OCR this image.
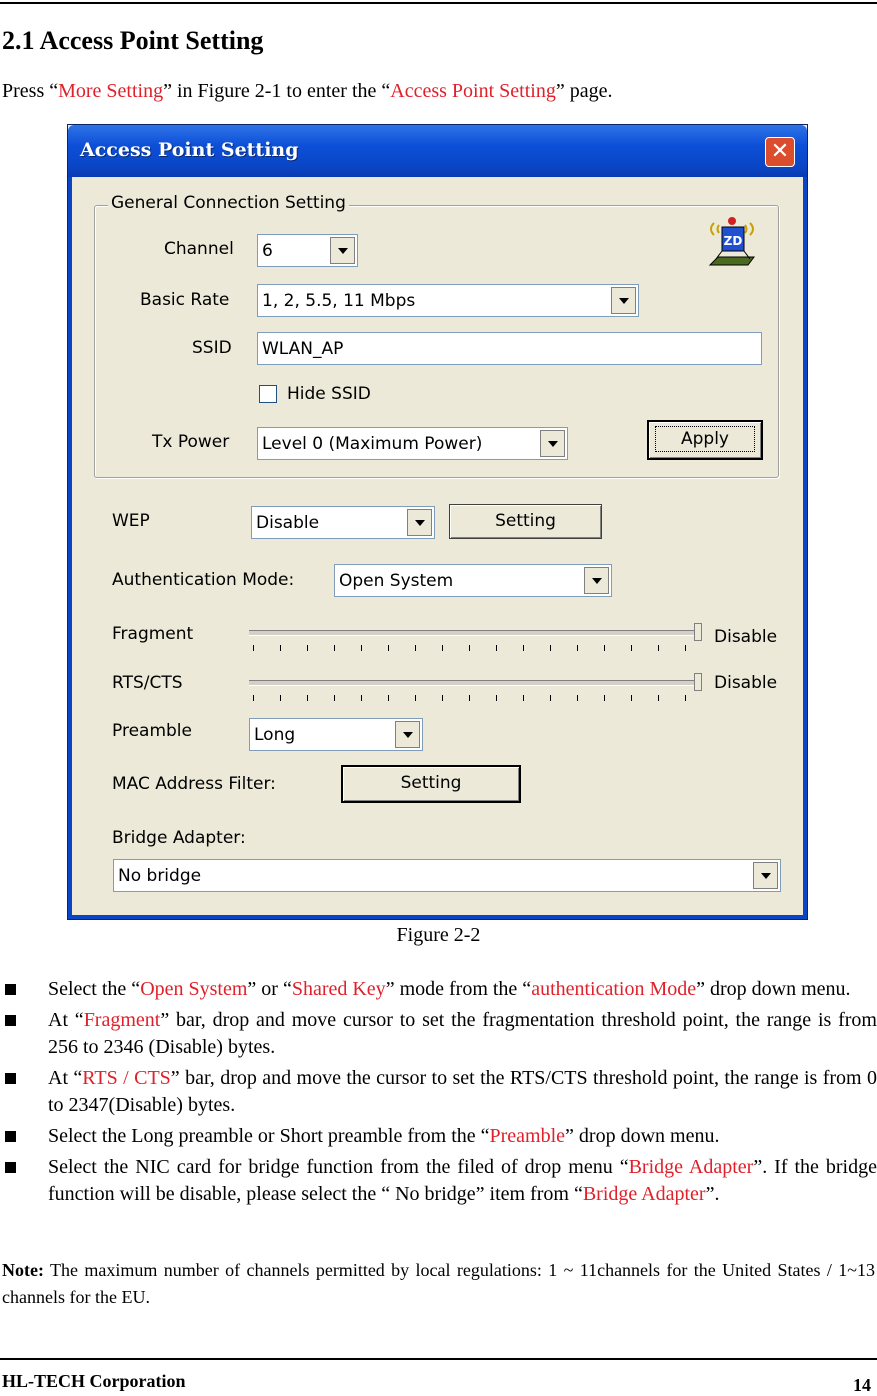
2.1 Access Point Setting
Press “More Setting” in Figure 2-1 to enter the “Access Point Setting” page.
Access Point Setting	✕
General Connection Setting
Channel 6	ZD
Basic Rate 1, 2, 5.5, 11 Mbps
SSID WLAN_AP
Hide SSID
Tx Power Level 0 (Maximum Power)	Apply
WEP	Disable	Setting
Authentication Mode:	Open System
Fragment	Disable
RTS/CTS	Disable
Preamble	Long
MAC Address Filter:	Setting
Bridge Adapter:
No bridge
Figure 2-2
Select the “Open System” or “Shared Key” mode from the “authentication Mode” drop down menu.
At “Fragment” bar, drop and move cursor to set the fragmentation threshold point, the range is from 256 to 2346 (Disable) bytes.
At “RTS / CTS” bar, drop and move the cursor to set the RTS/CTS threshold point, the range is from 0 to 2347(Disable) bytes.
Select the Long preamble or Short preamble from the “Preamble” drop down menu.
Select the NIC card for bridge function from the filed of drop menu “Bridge Adapter”. If the bridge function will be disable, please select the “ No bridge” item from “Bridge Adapter”.
Note: The maximum number of channels permitted by local regulations: 1 ~ 11channels for the United States / 1~13 channels for the EU.
HL-TECH Corporation	14
